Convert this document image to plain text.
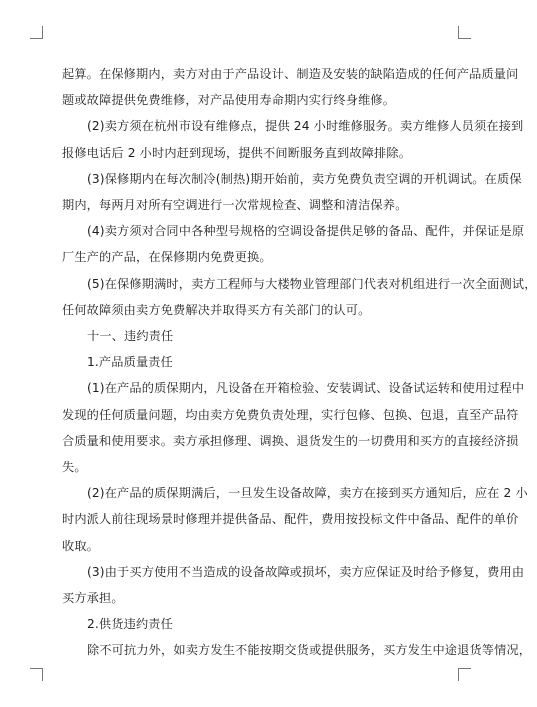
起算。在保修期内，卖方对由于产品设计、制造及安装的缺陷造成的任何产品质量问
题或故障提供免费维修，对产品使用寿命期内实行终身维修。
(2)卖方须在杭州市设有维修点，提供 24 小时维修服务。卖方维修人员须在接到
报修电话后 2 小时内赶到现场，提供不间断服务直到故障排除。
(3)保修期内在每次制冷(制热)期开始前，卖方免费负责空调的开机调试。在质保
期内，每两月对所有空调进行一次常规检查、调整和清洁保养。
(4)卖方须对合同中各种型号规格的空调设备提供足够的备品、配件，并保证是原
厂生产的产品，在保修期内免费更换。
(5)在保修期满时，卖方工程师与大楼物业管理部门代表对机组进行一次全面测试，
任何故障须由卖方免费解决并取得买方有关部门的认可。
十一、违约责任
1.产品质量责任
(1)在产品的质保期内，凡设备在开箱检验、安装调试、设备试运转和使用过程中
发现的任何质量问题，均由卖方免费负责处理，实行包修、包换、包退，直至产品符
合质量和使用要求。卖方承担修理、调换、退货发生的一切费用和买方的直接经济损
失。
(2)在产品的质保期满后，一旦发生设备故障，卖方在接到买方通知后，应在 2 小
时内派人前往现场景时修理并提供备品、配件，费用按投标文件中备品、配件的单价
收取。
(3)由于买方使用不当造成的设备故障或损坏，卖方应保证及时给予修复，费用由
买方承担。
2.供货违约责任
除不可抗力外，如卖方发生不能按期交货或提供服务，买方发生中途退货等情况，
